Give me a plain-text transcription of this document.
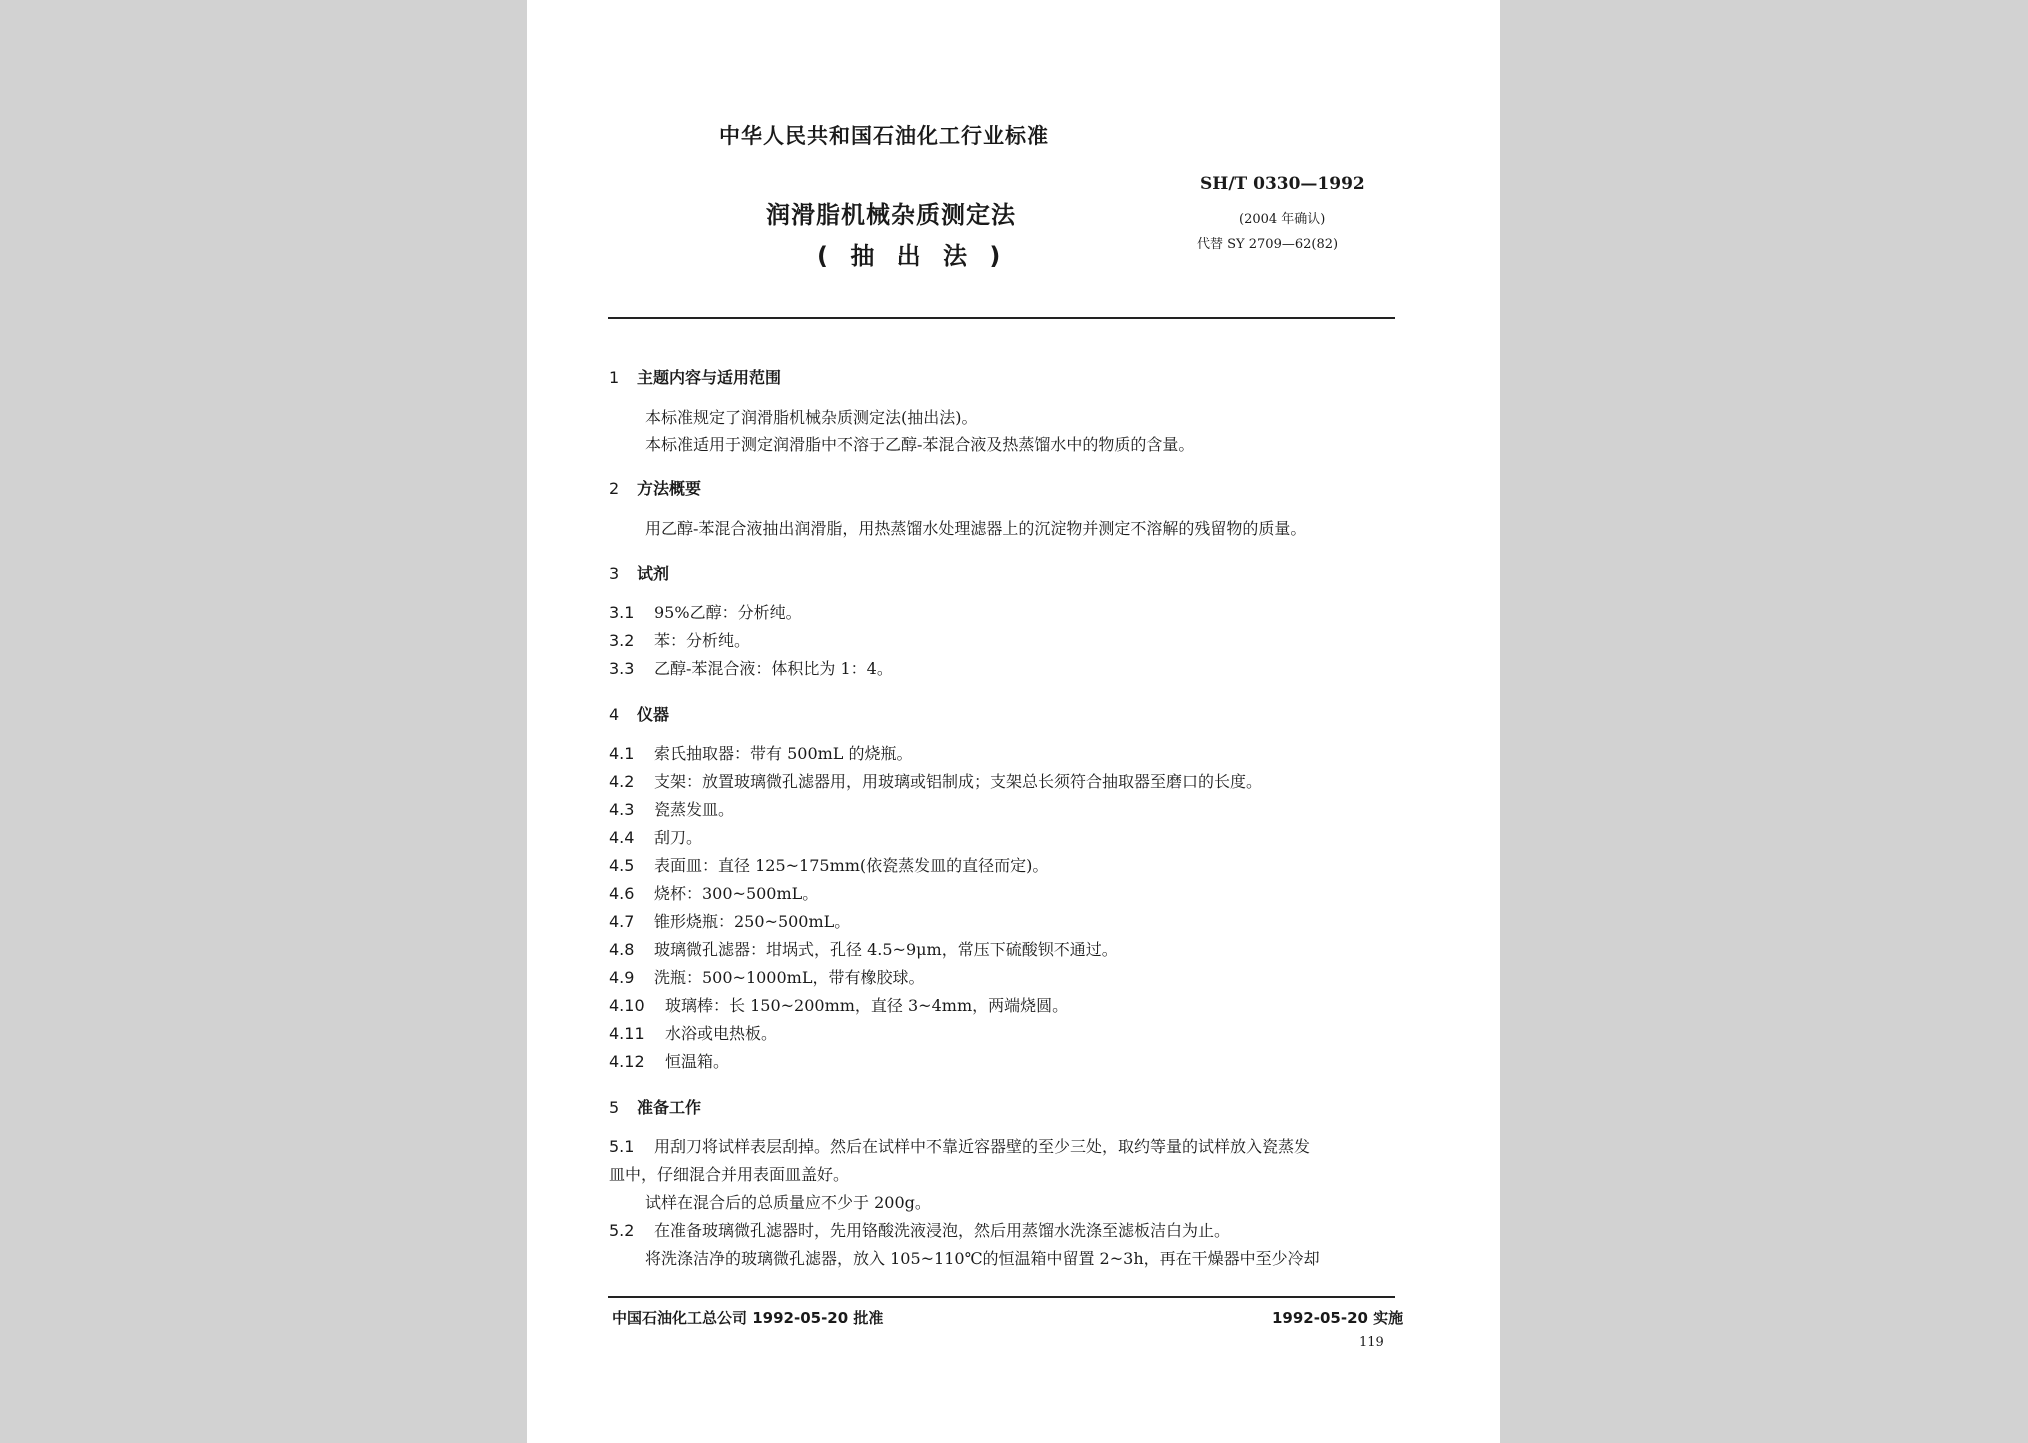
中华人民共和国石油化工行业标准
润滑脂机械杂质测定法
( 抽 出 法 )
SH/T 0330—1992
(2004 年确认)
代替 SY 2709—62(82)
1 主题内容与适用范围
本标准规定了润滑脂机械杂质测定法(抽出法)。
本标准适用于测定润滑脂中不溶于乙醇-苯混合液及热蒸馏水中的物质的含量。
2 方法概要
用乙醇-苯混合液抽出润滑脂，用热蒸馏水处理滤器上的沉淀物并测定不溶解的残留物的质量。
3 试剂
3.1 95%乙醇：分析纯。
3.2 苯：分析纯。
3.3 乙醇-苯混合液：体积比为 1：4。
4 仪器
4.1 索氏抽取器：带有 500mL 的烧瓶。
4.2 支架：放置玻璃微孔滤器用，用玻璃或铝制成；支架总长须符合抽取器至磨口的长度。
4.3 瓷蒸发皿。
4.4 刮刀。
4.5 表面皿：直径 125~175mm(依瓷蒸发皿的直径而定)。
4.6 烧杯：300~500mL。
4.7 锥形烧瓶：250~500mL。
4.8 玻璃微孔滤器：坩埚式，孔径 4.5~9μm，常压下硫酸钡不通过。
4.9 洗瓶：500~1000mL，带有橡胶球。
4.10 玻璃棒：长 150~200mm，直径 3~4mm，两端烧圆。
4.11 水浴或电热板。
4.12 恒温箱。
5 准备工作
5.1 用刮刀将试样表层刮掉。然后在试样中不靠近容器壁的至少三处，取约等量的试样放入瓷蒸发
皿中，仔细混合并用表面皿盖好。
试样在混合后的总质量应不少于 200g。
5.2 在准备玻璃微孔滤器时，先用铬酸洗液浸泡，然后用蒸馏水洗涤至滤板洁白为止。
将洗涤洁净的玻璃微孔滤器，放入 105~110℃的恒温箱中留置 2~3h，再在干燥器中至少冷却
中国石油化工总公司 1992-05-20 批准	1992-05-20 实施
119
